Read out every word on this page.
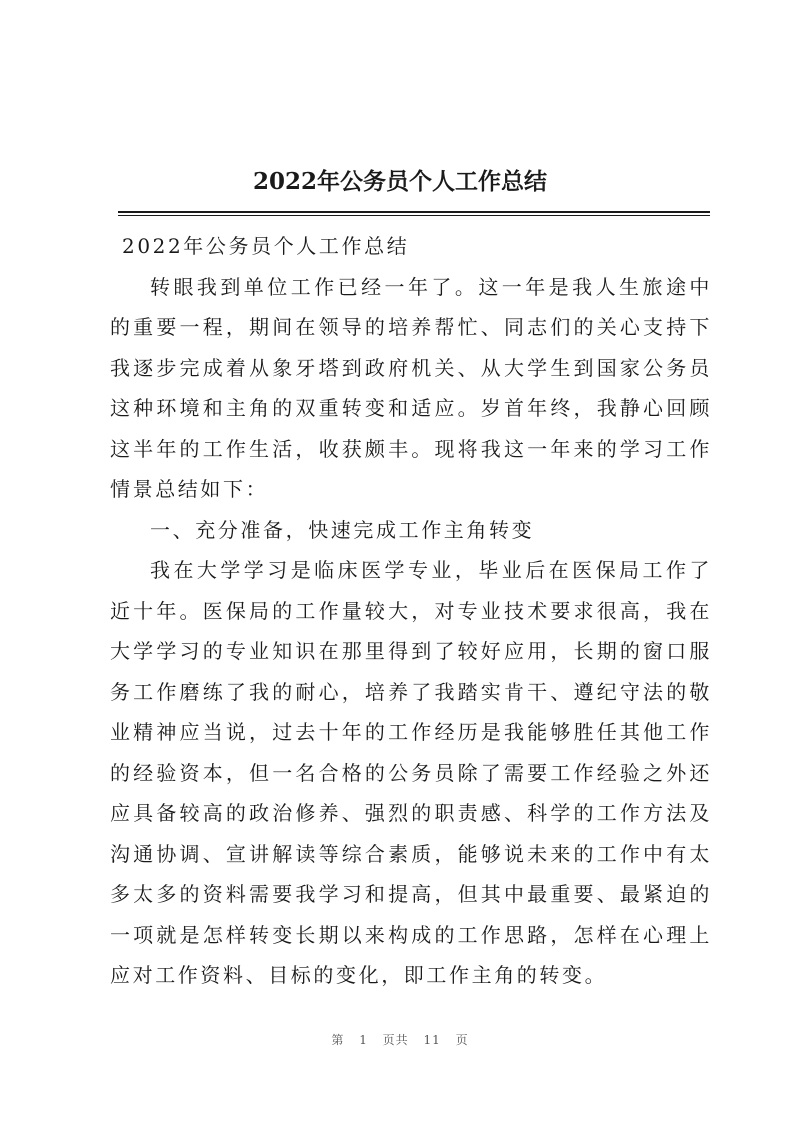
2022年公务员个人工作总结

2022年公务员个人工作总结

转眼我到单位工作已经一年了。这一年是我人生旅途中的重要一程，期间在领导的培养帮忙、同志们的关心支持下我逐步完成着从象牙塔到政府机关、从大学生到国家公务员这种环境和主角的双重转变和适应。岁首年终，我静心回顾这半年的工作生活，收获颇丰。现将我这一年来的学习工作情景总结如下：

一、充分准备，快速完成工作主角转变

我在大学学习是临床医学专业，毕业后在医保局工作了近十年。医保局的工作量较大，对专业技术要求很高，我在大学学习的专业知识在那里得到了较好应用，长期的窗口服务工作磨练了我的耐心，培养了我踏实肯干、遵纪守法的敬业精神应当说，过去十年的工作经历是我能够胜任其他工作的经验资本，但一名合格的公务员除了需要工作经验之外还应具备较高的政治修养、强烈的职责感、科学的工作方法及沟通协调、宣讲解读等综合素质，能够说未来的工作中有太多太多的资料需要我学习和提高，但其中最重要、最紧迫的一项就是怎样转变长期以来构成的工作思路，怎样在心理上应对工作资料、目标的变化，即工作主角的转变。

第 1 页共 11 页
